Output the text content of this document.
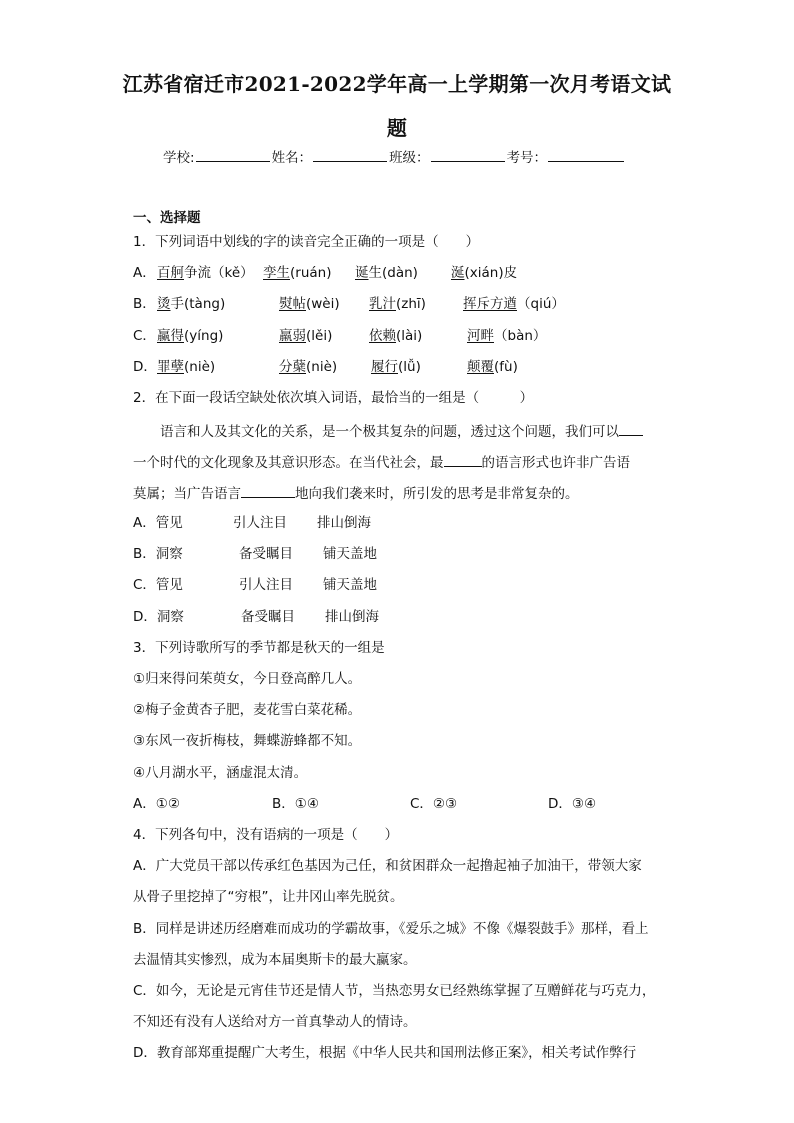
江苏省宿迁市2021-2022学年高一上学期第一次月考语文试
题
学校:	姓名：	班级：	考号：
一、选择题
1．下列词语中划线的字的读音完全正确的一项是（　　）
A． 百舸争流（kě） 孪生(ruán) 诞生(dàn) 涎(xián)皮
B． 烫手(tàng)	熨帖(wèi) 乳汁(zhī)	挥斥方遒（qiú）
C． 赢得(yíng)	羸弱(lěi)	依赖(lài)	河畔（bàn）
D． 罪孽(niè)	分蘖(niè)	履行(lǚ)	颠覆(fù)
2．在下面一段话空缺处依次填入词语，最恰当的一组是（　　　）
语言和人及其文化的关系，是一个极其复杂的问题，透过这个问题，我们可以
一个时代的文化现象及其意识形态。在当代社会，最	的语言形式也许非广告语
莫属；当广告语言	地向我们袭来时，所引发的思考是非常复杂的。
A．管见	引人注目 排山倒海
B．洞察	备受瞩目 铺天盖地
C．管见	引人注目 铺天盖地
D．洞察	备受瞩目 排山倒海
3．下列诗歌所写的季节都是秋天的一组是
①归来得问茱萸女，今日登高醉几人。
②梅子金黄杏子肥，麦花雪白菜花稀。
③东风一夜折梅枝，舞蝶游蜂都不知。
④八月湖水平，涵虚混太清。
A．①②	B．①④	C．②③	D．③④
4．下列各句中，没有语病的一项是（　　）
A．广大党员干部以传承红色基因为己任，和贫困群众一起撸起袖子加油干，带领大家
从骨子里挖掉了“穷根”，让井冈山率先脱贫。
B．同样是讲述历经磨难而成功的学霸故事，《爱乐之城》不像《爆裂鼓手》那样，看上
去温情其实惨烈，成为本届奥斯卡的最大赢家。
C．如今，无论是元宵佳节还是情人节，当热恋男女已经熟练掌握了互赠鲜花与巧克力，
不知还有没有人送给对方一首真挚动人的情诗。
D．教育部郑重提醒广大考生，根据《中华人民共和国刑法修正案》，相关考试作弊行
